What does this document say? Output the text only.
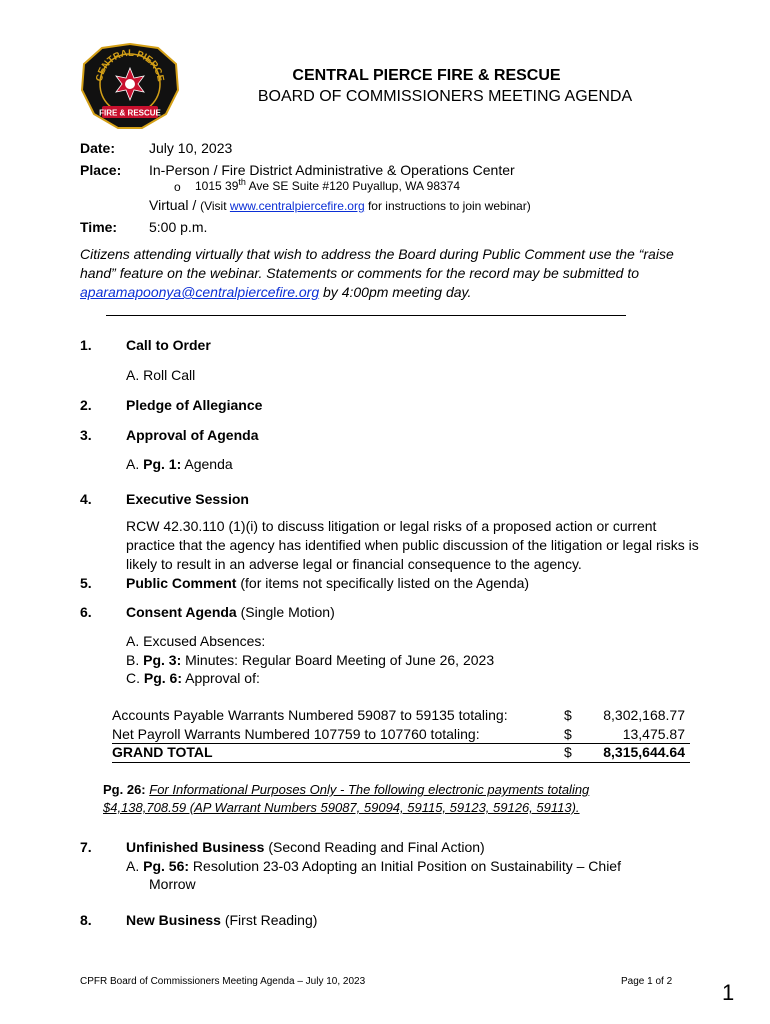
CENTRAL PIERCE
FIRE & RESCUE
CENTRAL PIERCE FIRE & RESCUE
BOARD OF COMMISSIONERS MEETING AGENDA
Date: July 10, 2023
Place: In-Person / Fire District Administrative & Operations Center
o 1015 39th Ave SE Suite #120 Puyallup, WA 98374
Virtual / (Visit www.centralpiercefire.org for instructions to join webinar)
Time: 5:00 p.m.
Citizens attending virtually that wish to address the Board during Public Comment use the “raise hand” feature on the webinar. Statements or comments for the record may be submitted to aparamapoonya@centralpiercefire.org by 4:00pm meeting day.
1. Call to Order
A. Roll Call
2. Pledge of Allegiance
3. Approval of Agenda
A. Pg. 1: Agenda
4. Executive Session
RCW 42.30.110 (1)(i) to discuss litigation or legal risks of a proposed action or current practice that the agency has identified when public discussion of the litigation or legal risks is likely to result in an adverse legal or financial consequence to the agency.
5. Public Comment (for items not specifically listed on the Agenda)
6. Consent Agenda (Single Motion)
A. Excused Absences:
B. Pg. 3: Minutes: Regular Board Meeting of June 26, 2023
C. Pg. 6: Approval of:
Accounts Payable Warrants Numbered 59087 to 59135 totaling:	$	8,302,168.77
Net Payroll Warrants Numbered 107759 to 107760 totaling:	$	13,475.87
GRAND TOTAL	$	8,315,644.64
Pg. 26: For Informational Purposes Only - The following electronic payments totaling
$4,138,708.59 (AP Warrant Numbers 59087, 59094, 59115, 59123, 59126, 59113).
7. Unfinished Business (Second Reading and Final Action)
A. Pg. 56: Resolution 23-03 Adopting an Initial Position on Sustainability – Chief
Morrow
8. New Business (First Reading)
CPFR Board of Commissioners Meeting Agenda – July 10, 2023	Page 1 of 2 1
